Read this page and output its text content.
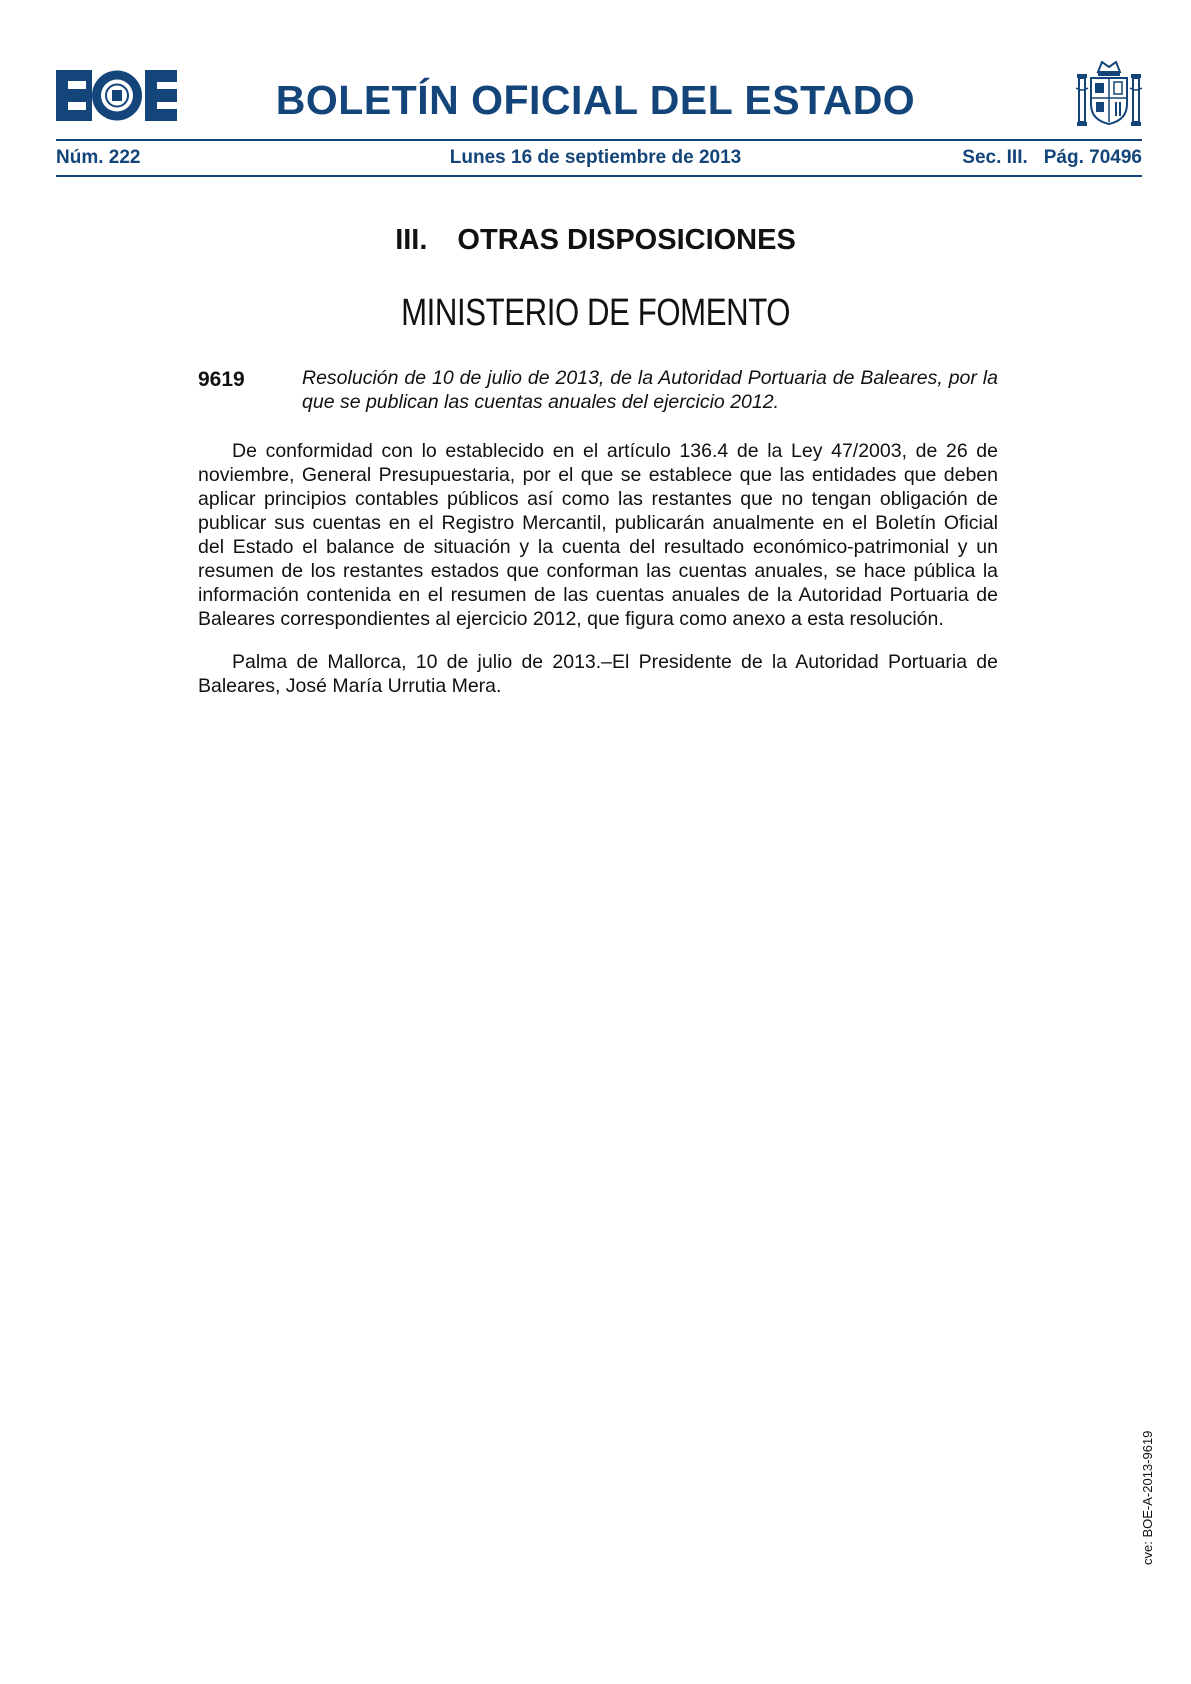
BOLETÍN OFICIAL DEL ESTADO
Núm. 222	Lunes 16 de septiembre de 2013	Sec. III. Pág. 70496
III. OTRAS DISPOSICIONES
MINISTERIO DE FOMENTO
9619	Resolución de 10 de julio de 2013, de la Autoridad Portuaria de Baleares, por la que se publican las cuentas anuales del ejercicio 2012.

De conformidad con lo establecido en el artículo 136.4 de la Ley 47/2003, de 26 de noviembre, General Presupuestaria, por el que se establece que las entidades que deben aplicar principios contables públicos así como las restantes que no tengan obligación de publicar sus cuentas en el Registro Mercantil, publicarán anualmente en el Boletín Oficial del Estado el balance de situación y la cuenta del resultado económico-patrimonial y un resumen de los restantes estados que conforman las cuentas anuales, se hace pública la información contenida en el resumen de las cuentas anuales de la Autoridad Portuaria de Baleares correspondientes al ejercicio 2012, que figura como anexo a esta resolución.

Palma de Mallorca, 10 de julio de 2013.–El Presidente de la Autoridad Portuaria de Baleares, José María Urrutia Mera.

cve: BOE-A-2013-9619
